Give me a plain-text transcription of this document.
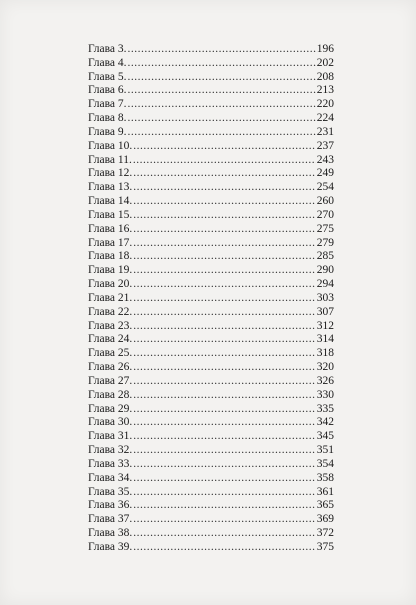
Глава 3. .....	196
Глава 4. .....	202
Глава 5. .....	208
Глава 6. .....	213
Глава 7. .....	220
Глава 8. .....	224
Глава 9. .....	231
Глава 10. .....	237
Глава 11. .....	243
Глава 12. .....	249
Глава 13. .....	254
Глава 14. .....	260
Глава 15. .....	270
Глава 16. .....	275
Глава 17. .....	279
Глава 18. .....	285
Глава 19. .....	290
Глава 20. .....	294
Глава 21. .....	303
Глава 22. .....	307
Глава 23. .....	312
Глава 24. .....	314
Глава 25. .....	318
Глава 26. .....	320
Глава 27. .....	326
Глава 28. .....	330
Глава 29. .....	335
Глава 30. .....	342
Глава 31. .....	345
Глава 32. .....	351
Глава 33. .....	354
Глава 34. .....	358
Глава 35. .....	361
Глава 36. .....	365
Глава 37. .....	369
Глава 38. .....	372
Глава 39. .....	375
